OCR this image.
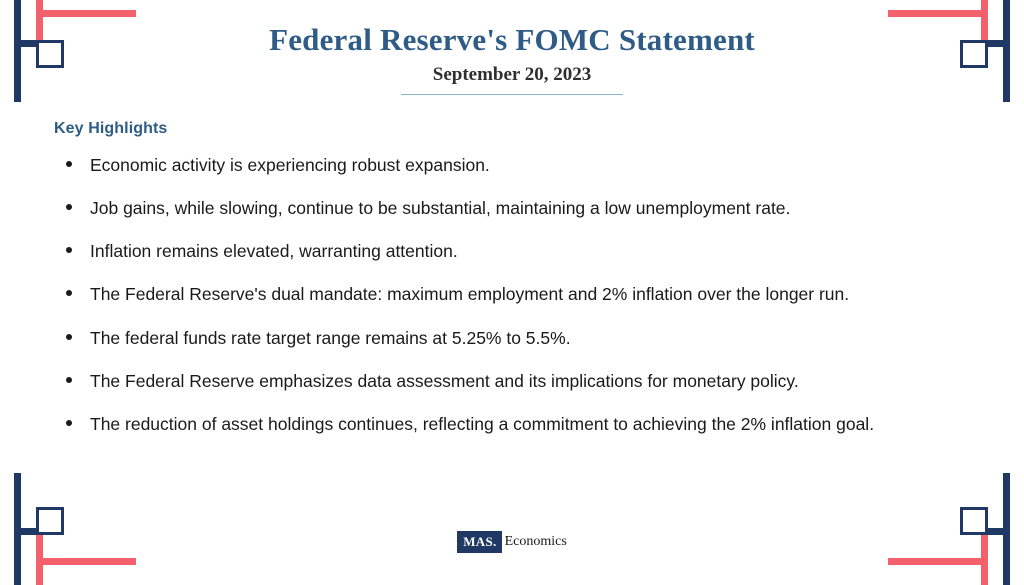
Federal Reserve's FOMC Statement
September 20, 2023
Key Highlights
Economic activity is experiencing robust expansion.
Job gains, while slowing, continue to be substantial, maintaining a low unemployment rate.
Inflation remains elevated, warranting attention.
The Federal Reserve's dual mandate: maximum employment and 2% inflation over the longer run.
The federal funds rate target range remains at 5.25% to 5.5%.
The Federal Reserve emphasizes data assessment and its implications for monetary policy.
The reduction of asset holdings continues, reflecting a commitment to achieving the 2% inflation goal.
MAS. Economics
